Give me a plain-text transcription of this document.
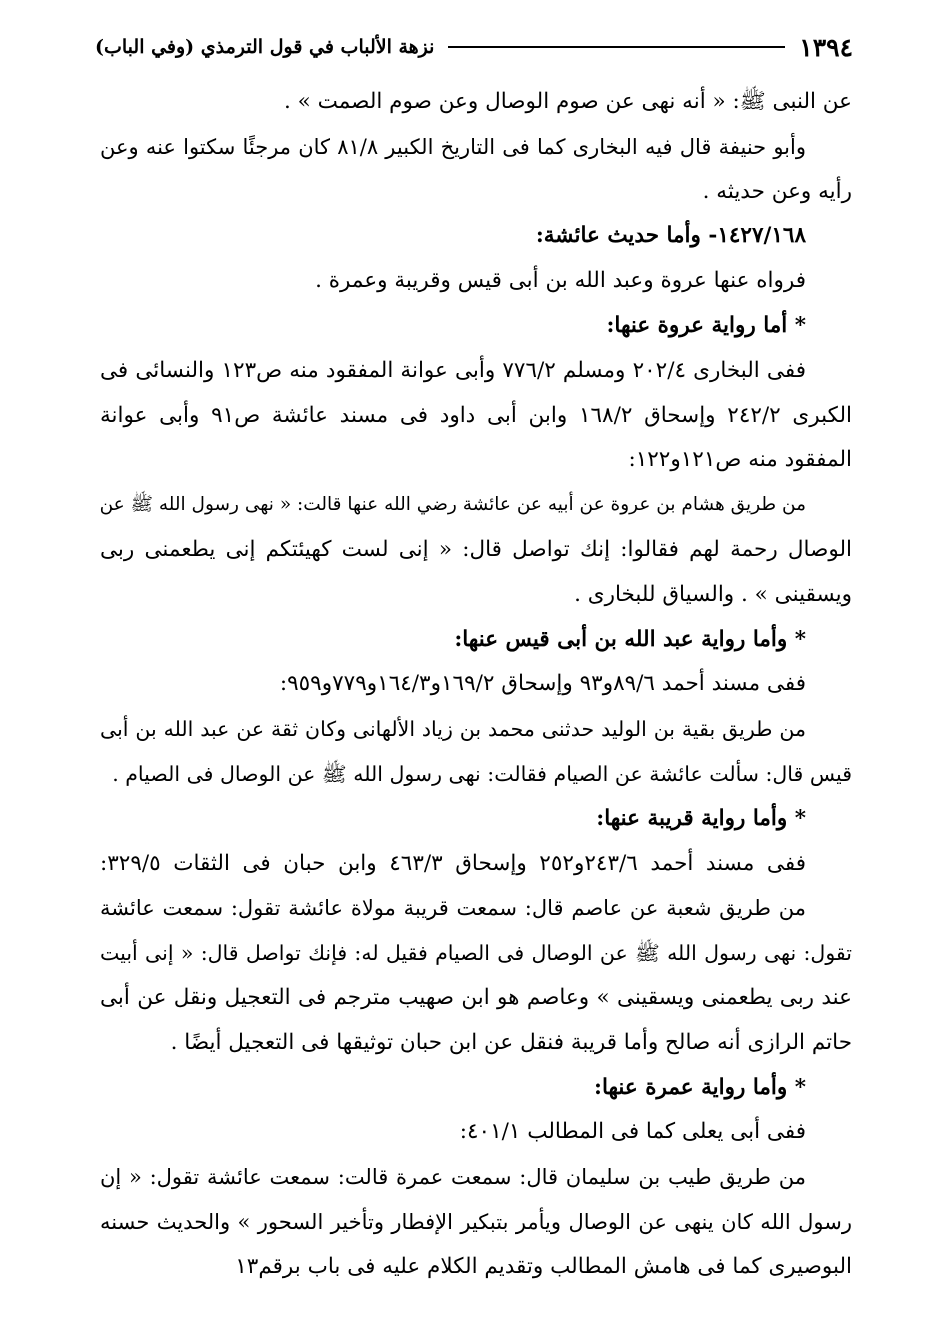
١٣٩٤
نزهة الألباب في قول الترمذي (وفي الباب)
عن النبى ﷺ: « أنه نهى عن صوم الوصال وعن صوم الصمت » .
وأبو حنيفة قال فيه البخارى كما فى التاريخ الكبير ٨١/٨ كان مرجئًا سكتوا عنه وعن
رأيه وعن حديثه .
١٤٢٧/١٦٨- وأما حديث عائشة:
فرواه عنها عروة وعبد الله بن أبى قيس وقريبة وعمرة .
* أما رواية عروة عنها:
ففى البخارى ٢٠٢/٤ ومسلم ٧٧٦/٢ وأبى عوانة المفقود منه ص١٢٣ والنسائى فى
الكبرى ٢٤٢/٢ وإسحاق ١٦٨/٢ وابن أبى داود فى مسند عائشة ص٩١ وأبى عوانة
المفقود منه ص١٢١و١٢٢:
من طريق هشام بن عروة عن أبيه عن عائشة رضي الله عنها قالت: « نهى رسول الله ﷺ عن
الوصال رحمة لهم فقالوا: إنك تواصل قال: « إنى لست كهيئتكم إنى يطعمنى ربى
ويسقينى » . والسياق للبخارى .
* وأما رواية عبد الله بن أبى قيس عنها:
ففى مسند أحمد ٨٩/٦و٩٣ وإسحاق ١٦٩/٢و١٦٤/٣و٧٧٩و٩٥٩:
من طريق بقية بن الوليد حدثنى محمد بن زياد الألهانى وكان ثقة عن عبد الله بن أبى
قيس قال: سألت عائشة عن الصيام فقالت: نهى رسول الله ﷺ عن الوصال فى الصيام .
* وأما رواية قريبة عنها:
ففى مسند أحمد ٢٤٣/٦و٢٥٢ وإسحاق ٤٦٣/٣ وابن حبان فى الثقات ٣٢٩/٥:
من طريق شعبة عن عاصم قال: سمعت قريبة مولاة عائشة تقول: سمعت عائشة
تقول: نهى رسول الله ﷺ عن الوصال فى الصيام فقيل له: فإنك تواصل قال: « إنى أبيت
عند ربى يطعمنى ويسقينى » وعاصم هو ابن صهيب مترجم فى التعجيل ونقل عن أبى
حاتم الرازى أنه صالح وأما قريبة فنقل عن ابن حبان توثيقها فى التعجيل أيضًا .
* وأما رواية عمرة عنها:
ففى أبى يعلى كما فى المطالب ٤٠١/١:
من طريق طيب بن سليمان قال: سمعت عمرة قالت: سمعت عائشة تقول: « إن
رسول الله كان ينهى عن الوصال ويأمر بتبكير الإفطار وتأخير السحور » والحديث حسنه
البوصيرى كما فى هامش المطالب وتقديم الكلام عليه فى باب برقم١٣
